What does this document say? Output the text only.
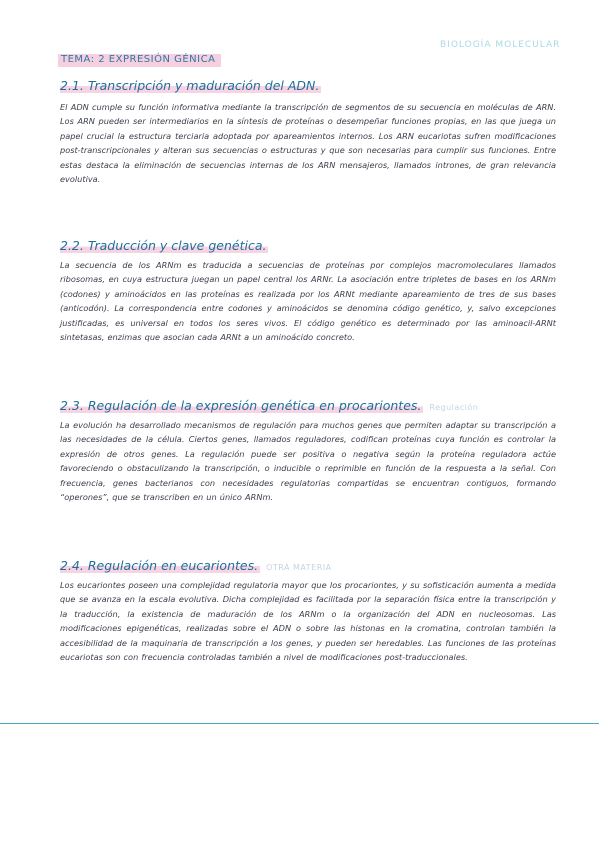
TEMA: 2 EXPRESIÓN GÉNICA
BIOLOGÍA MOLECULAR
2.1. Transcripción y maduración del ADN.
El ADN cumple su función informativa mediante la transcripción de segmentos de su secuencia en moléculas de ARN. Los ARN pueden ser intermediarios en la síntesis de proteínas o desempeñar funciones propias, en las que juega un papel crucial la estructura terciaria adoptada por apareamientos internos. Los ARN eucariotas sufren modificaciones post-transcripcionales y alteran sus secuencias o estructuras y que son necesarias para cumplir sus funciones. Entre estas destaca la eliminación de secuencias internas de los ARN mensajeros, llamados intrones, de gran relevancia evolutiva.
2.2. Traducción y clave genética.
La secuencia de los ARNm es traducida a secuencias de proteínas por complejos macromoleculares llamados ribosomas, en cuya estructura juegan un papel central los ARNr. La asociación entre tripletes de bases en los ARNm (codones) y aminoácidos en las proteínas es realizada por los ARNt mediante apareamiento de tres de sus bases (anticodón). La correspondencia entre codones y aminoácidos se denomina código genético, y, salvo excepciones justificadas, es universal en todos los seres vivos. El código genético es determinado por las aminoacil-ARNt sintetasas, enzimas que asocian cada ARNt a un aminoácido concreto.
2.3. Regulación de la expresión genética en procariontes. Regulación
La evolución ha desarrollado mecanismos de regulación para muchos genes que permiten adaptar su transcripción a las necesidades de la célula. Ciertos genes, llamados reguladores, codifican proteínas cuya función es controlar la expresión de otros genes. La regulación puede ser positiva o negativa según la proteína reguladora actúe favoreciendo o obstaculizando la transcripción, o inducible o reprimible en función de la respuesta a la señal. Con frecuencia, genes bacterianos con necesidades regulatorias compartidas se encuentran contiguos, formando “operones”, que se transcriben en un único ARNm.
2.4. Regulación en eucariontes. OTRA MATERIA
Los eucariontes poseen una complejidad regulatoria mayor que los procariontes, y su sofisticación aumenta a medida que se avanza en la escala evolutiva. Dicha complejidad es facilitada por la separación física entre la transcripción y la traducción, la existencia de maduración de los ARNm o la organización del ADN en nucleosomas. Las modificaciones epigenéticas, realizadas sobre el ADN o sobre las histonas en la cromatina, controlan también la accesibilidad de la maquinaria de transcripción a los genes, y pueden ser heredables. Las funciones de las proteínas eucariotas son con frecuencia controladas también a nivel de modificaciones post-traduccionales.
